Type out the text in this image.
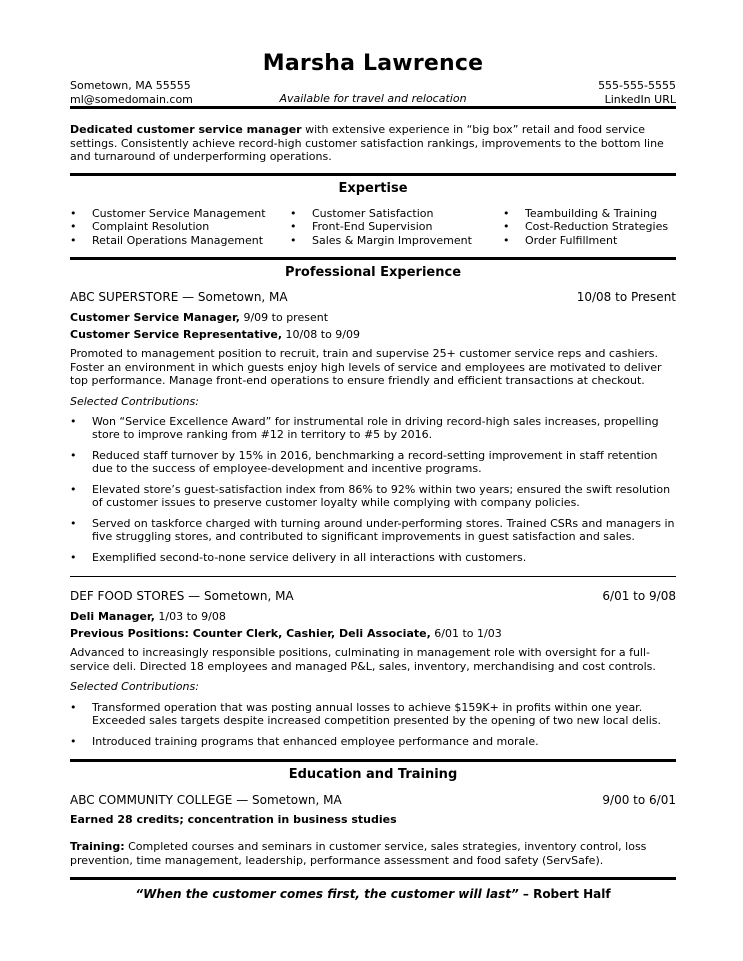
Marsha Lawrence
Sometown, MA 55555
ml@somedomain.com	Available for travel and relocation
555-555-5555
LinkedIn URL
Dedicated customer service manager with extensive experience in “big box” retail and food service settings. Consistently achieve record-high customer satisfaction rankings, improvements to the bottom line and turnaround of underperforming operations.
Expertise
• Customer Service Management
• Complaint Resolution
• Retail Operations Management
• Customer Satisfaction
• Front-End Supervision
• Sales & Margin Improvement
• Teambuilding & Training
• Cost-Reduction Strategies
• Order Fulfillment
Professional Experience
ABC SUPERSTORE — Sometown, MA	10/08 to Present
Customer Service Manager, 9/09 to present
Customer Service Representative, 10/08 to 9/09
Promoted to management position to recruit, train and supervise 25+ customer service reps and cashiers. Foster an environment in which guests enjoy high levels of service and employees are motivated to deliver top performance. Manage front-end operations to ensure friendly and efficient transactions at checkout.
Selected Contributions:
• Won “Service Excellence Award” for instrumental role in driving record-high sales increases, propelling store to improve ranking from #12 in territory to #5 by 2016.
• Reduced staff turnover by 15% in 2016, benchmarking a record-setting improvement in staff retention due to the success of employee-development and incentive programs.
• Elevated store’s guest-satisfaction index from 86% to 92% within two years; ensured the swift resolution of customer issues to preserve customer loyalty while complying with company policies.
• Served on taskforce charged with turning around under-performing stores. Trained CSRs and managers in five struggling stores, and contributed to significant improvements in guest satisfaction and sales.
• Exemplified second-to-none service delivery in all interactions with customers.
DEF FOOD STORES — Sometown, MA	6/01 to 9/08
Deli Manager, 1/03 to 9/08
Previous Positions: Counter Clerk, Cashier, Deli Associate, 6/01 to 1/03
Advanced to increasingly responsible positions, culminating in management role with oversight for a full-service deli. Directed 18 employees and managed P&L, sales, inventory, merchandising and cost controls.
Selected Contributions:
• Transformed operation that was posting annual losses to achieve $159K+ in profits within one year. Exceeded sales targets despite increased competition presented by the opening of two new local delis.
• Introduced training programs that enhanced employee performance and morale.
Education and Training
ABC COMMUNITY COLLEGE — Sometown, MA	9/00 to 6/01
Earned 28 credits; concentration in business studies
Training: Completed courses and seminars in customer service, sales strategies, inventory control, loss prevention, time management, leadership, performance assessment and food safety (ServSafe).
“When the customer comes first, the customer will last” – Robert Half
